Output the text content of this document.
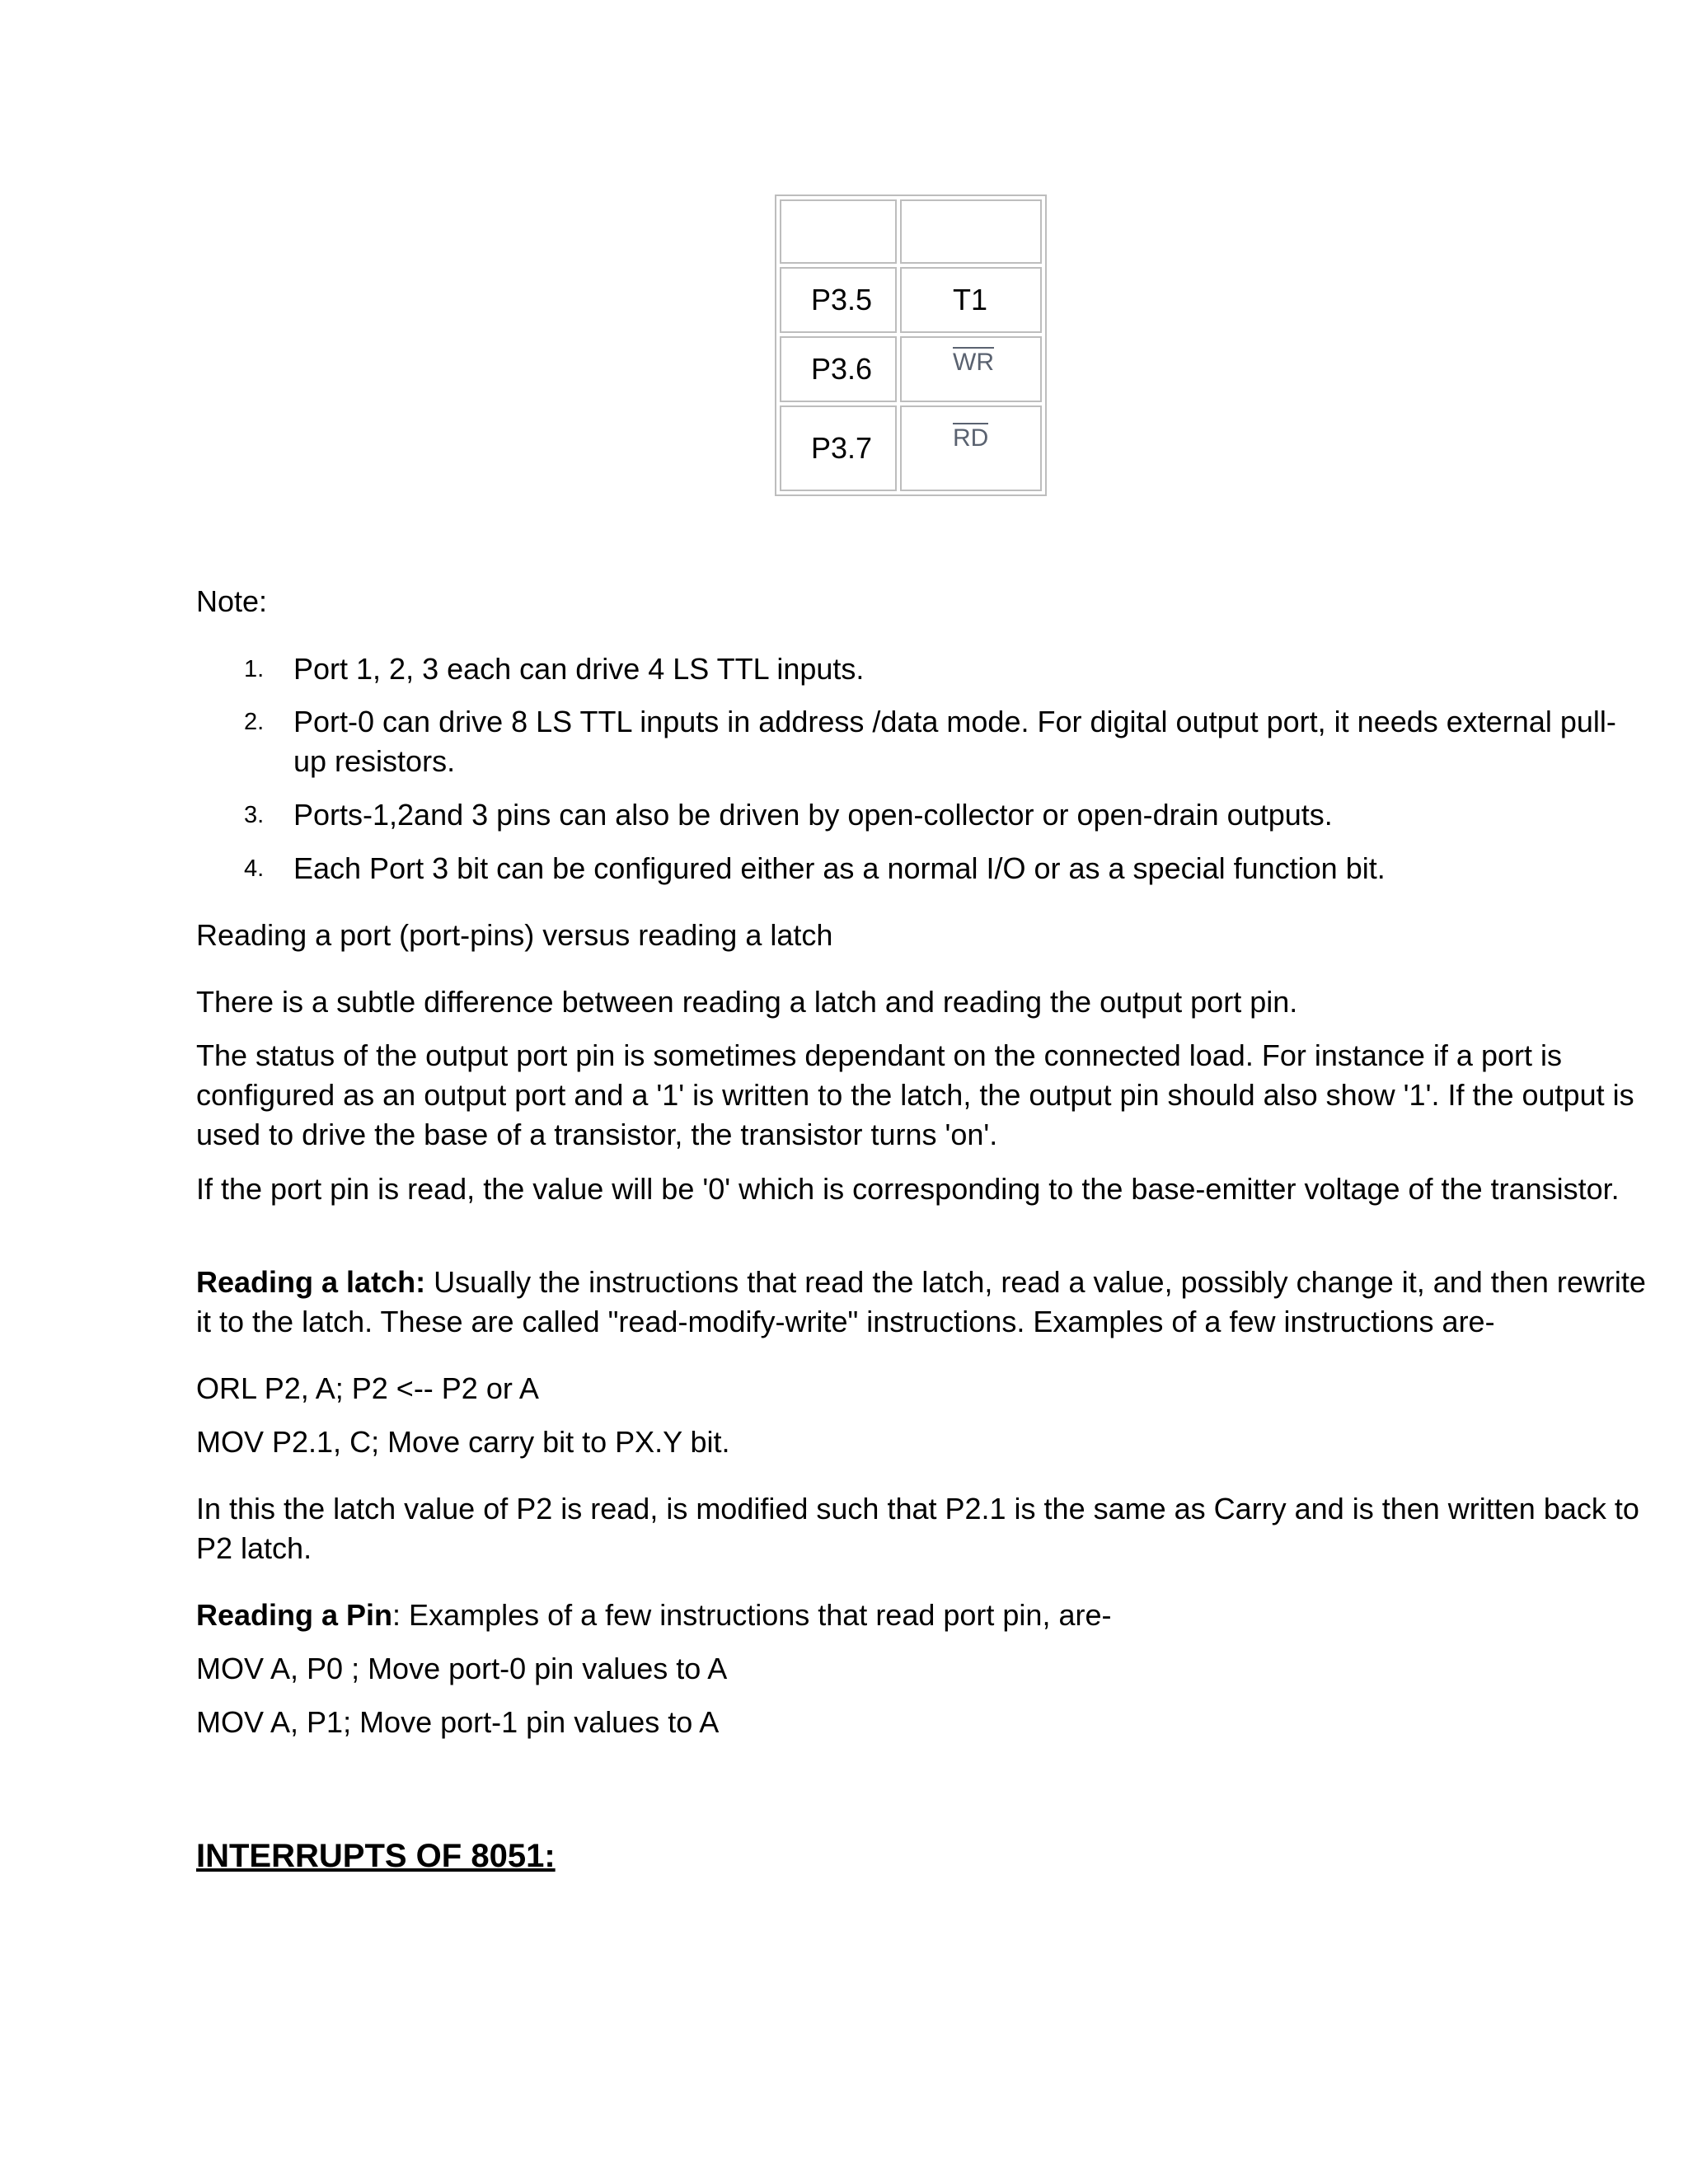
P3.5	T1
P3.6	WR
P3.7	RD
Note:
1. Port 1, 2, 3 each can drive 4 LS TTL inputs.
2. Port-0 can drive 8 LS TTL inputs in address /data mode. For digital output port, it needs external pull-up resistors.
3. Ports-1,2and 3 pins can also be driven by open-collector or open-drain outputs.
4. Each Port 3 bit can be configured either as a normal I/O or as a special function bit.
Reading a port (port-pins) versus reading a latch
There is a subtle difference between reading a latch and reading the output port pin.
The status of the output port pin is sometimes dependant on the connected load. For instance if a port is configured as an output port and a '1' is written to the latch, the output pin should also show '1'. If the output is used to drive the base of a transistor, the transistor turns 'on'.
If the port pin is read, the value will be '0' which is corresponding to the base-emitter voltage of the transistor.
Reading a latch: Usually the instructions that read the latch, read a value, possibly change it, and then rewrite it to the latch. These are called "read-modify-write" instructions. Examples of a few instructions are-
ORL P2, A; P2 <-- P2 or A
MOV P2.1, C; Move carry bit to PX.Y bit.
In this the latch value of P2 is read, is modified such that P2.1 is the same as Carry and is then written back to P2 latch.
Reading a Pin: Examples of a few instructions that read port pin, are-
MOV A, P0 ; Move port-0 pin values to A
MOV A, P1; Move port-1 pin values to A
INTERRUPTS OF 8051:
